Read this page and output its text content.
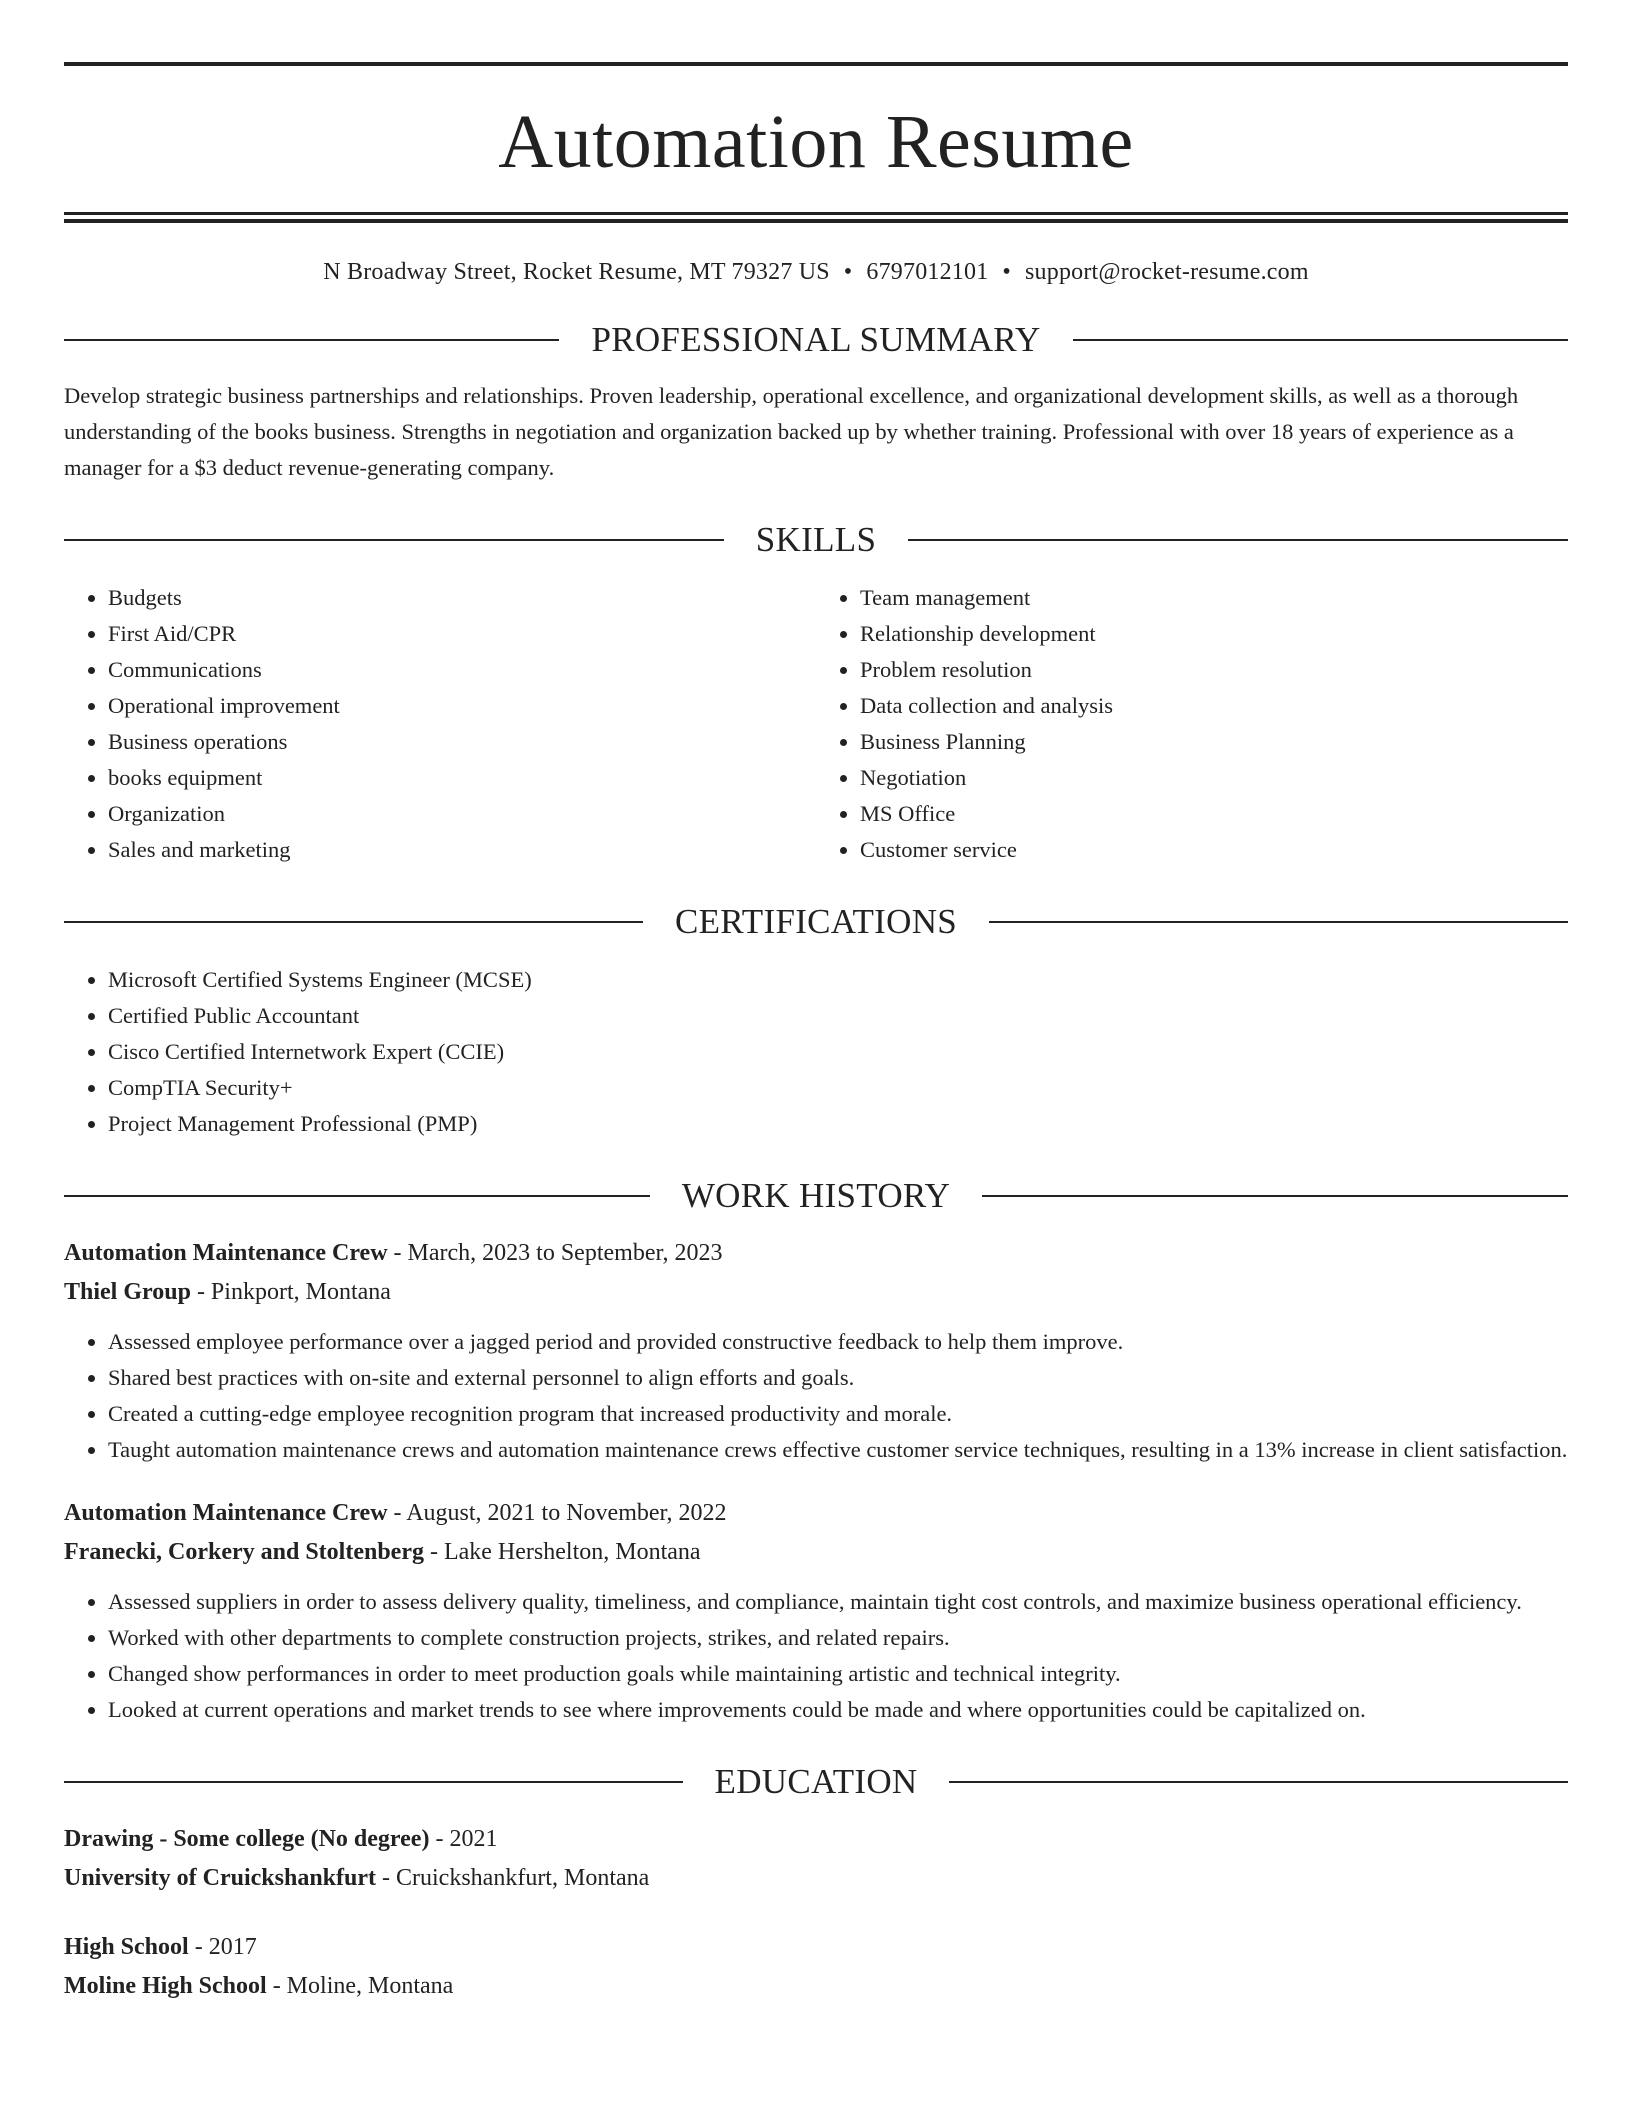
Automation Resume
N Broadway Street, Rocket Resume, MT 79327 US • 6797012101 • support@rocket-resume.com
PROFESSIONAL SUMMARY
Develop strategic business partnerships and relationships. Proven leadership, operational excellence, and organizational development skills, as well as a thorough understanding of the books business. Strengths in negotiation and organization backed up by whether training. Professional with over 18 years of experience as a manager for a $3 deduct revenue-generating company.
SKILLS
• Budgets
• First Aid/CPR
• Communications
• Operational improvement
• Business operations
• books equipment
• Organization
• Sales and marketing
• Team management
• Relationship development
• Problem resolution
• Data collection and analysis
• Business Planning
• Negotiation
• MS Office
• Customer service
CERTIFICATIONS
• Microsoft Certified Systems Engineer (MCSE)
• Certified Public Accountant
• Cisco Certified Internetwork Expert (CCIE)
• CompTIA Security+
• Project Management Professional (PMP)
WORK HISTORY
Automation Maintenance Crew - March, 2023 to September, 2023
Thiel Group - Pinkport, Montana
• Assessed employee performance over a jagged period and provided constructive feedback to help them improve.
• Shared best practices with on-site and external personnel to align efforts and goals.
• Created a cutting-edge employee recognition program that increased productivity and morale.
• Taught automation maintenance crews and automation maintenance crews effective customer service techniques, resulting in a 13% increase in client satisfaction.
Automation Maintenance Crew - August, 2021 to November, 2022
Franecki, Corkery and Stoltenberg - Lake Hershelton, Montana
• Assessed suppliers in order to assess delivery quality, timeliness, and compliance, maintain tight cost controls, and maximize business operational efficiency.
• Worked with other departments to complete construction projects, strikes, and related repairs.
• Changed show performances in order to meet production goals while maintaining artistic and technical integrity.
• Looked at current operations and market trends to see where improvements could be made and where opportunities could be capitalized on.
EDUCATION
Drawing - Some college (No degree) - 2021
University of Cruickshankfurt - Cruickshankfurt, Montana
High School - 2017
Moline High School - Moline, Montana
